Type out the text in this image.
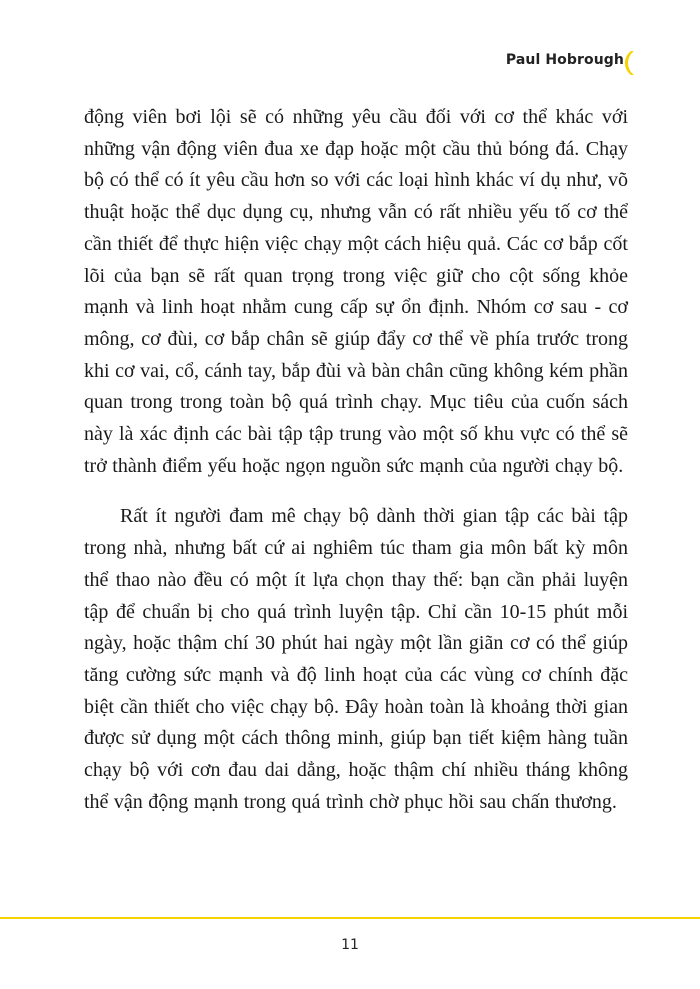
Paul Hobrough

động viên bơi lội sẽ có những yêu cầu đối với cơ thể khác với những vận động viên đua xe đạp hoặc một cầu thủ bóng đá. Chạy bộ có thể có ít yêu cầu hơn so với các loại hình khác ví dụ như, võ thuật hoặc thể dục dụng cụ, nhưng vẫn có rất nhiều yếu tố cơ thể cần thiết để thực hiện việc chạy một cách hiệu quả. Các cơ bắp cốt lõi của bạn sẽ rất quan trọng trong việc giữ cho cột sống khỏe mạnh và linh hoạt nhằm cung cấp sự ổn định. Nhóm cơ sau - cơ mông, cơ đùi, cơ bắp chân sẽ giúp đẩy cơ thể về phía trước trong khi cơ vai, cổ, cánh tay, bắp đùi và bàn chân cũng không kém phần quan trong trong toàn bộ quá trình chạy. Mục tiêu của cuốn sách này là xác định các bài tập tập trung vào một số khu vực có thể sẽ trở thành điểm yếu hoặc ngọn nguồn sức mạnh của người chạy bộ.

Rất ít người đam mê chạy bộ dành thời gian tập các bài tập trong nhà, nhưng bất cứ ai nghiêm túc tham gia môn bất kỳ môn thể thao nào đều có một ít lựa chọn thay thế: bạn cần phải luyện tập để chuẩn bị cho quá trình luyện tập. Chỉ cần 10-15 phút mỗi ngày, hoặc thậm chí 30 phút hai ngày một lần giãn cơ có thể giúp tăng cường sức mạnh và độ linh hoạt của các vùng cơ chính đặc biệt cần thiết cho việc chạy bộ. Đây hoàn toàn là khoảng thời gian được sử dụng một cách thông minh, giúp bạn tiết kiệm hàng tuần chạy bộ với cơn đau dai dẳng, hoặc thậm chí nhiều tháng không thể vận động mạnh trong quá trình chờ phục hồi sau chấn thương.

11
